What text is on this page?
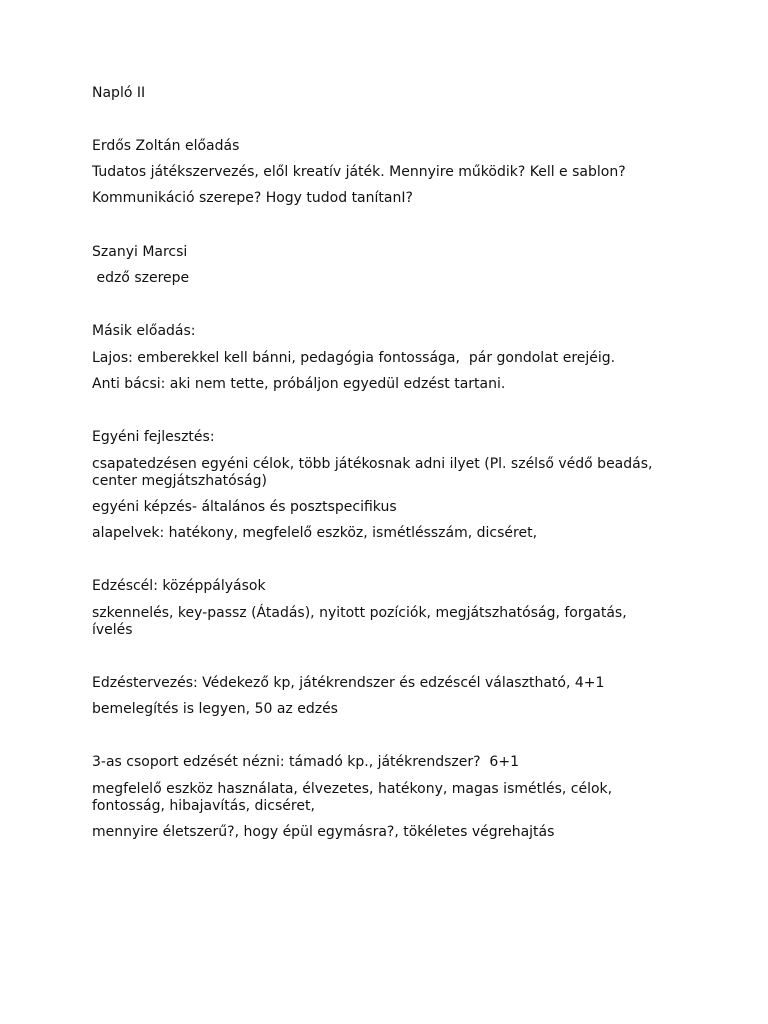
Napló II

Erdős Zoltán előadás

Tudatos játékszervezés, elől kreatív játék. Mennyire működik? Kell e sablon?

Kommunikáció szerepe? Hogy tudod tanítanI?

Szanyi Marcsi

edző szerepe

Másik előadás:

Lajos: emberekkel kell bánni, pedagógia fontossága,  pár gondolat erejéig.

Anti bácsi: aki nem tette, próbáljon egyedül edzést tartani.

Egyéni fejlesztés:

csapatedzésen egyéni célok, több játékosnak adni ilyet (Pl. szélső védő beadás, center megjátszhatóság)

egyéni képzés- általános és posztspecifikus

alapelvek: hatékony, megfelelő eszköz, ismétlésszám, dicséret,

Edzéscél: középpályások

szkennelés, key-passz (Átadás), nyitott pozíciók, megjátszhatóság, forgatás, ívelés

Edzéstervezés: Védekező kp, játékrendszer és edzéscél választható, 4+1

bemelegítés is legyen, 50 az edzés

3-as csoport edzését nézni: támadó kp., játékrendszer?  6+1

megfelelő eszköz használata, élvezetes, hatékony, magas ismétlés, célok, fontosság, hibajavítás, dicséret,

mennyire életszerű?, hogy épül egymásra?, tökéletes végrehajtás
